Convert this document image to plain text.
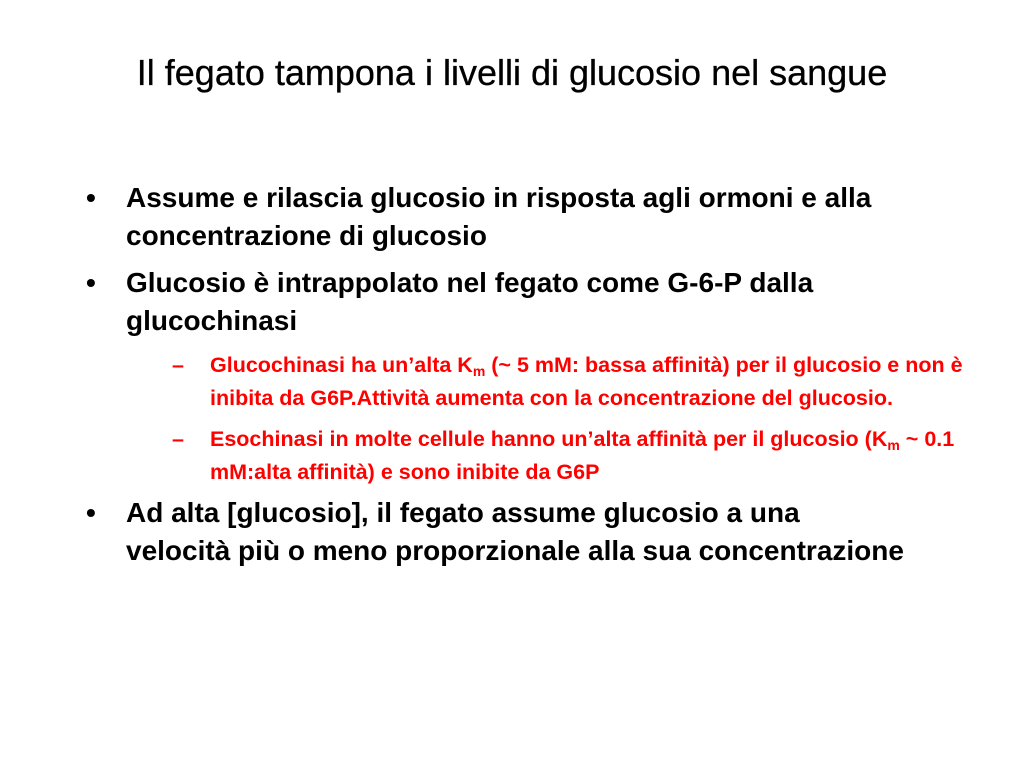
Il fegato tampona i livelli di glucosio nel sangue
•	Assume e rilascia glucosio in risposta agli ormoni e alla concentrazione di glucosio
•	Glucosio è intrappolato nel fegato come G-6-P dalla glucochinasi
– Glucochinasi ha un’alta $K_m$ (~ 5 mM: bassa affinità) per il glucosio e non è inibita da G6P.Attività aumenta con la concentrazione del glucosio.
– Esochinasi in molte cellule hanno un’alta affinità per il glucosio ($K_m$ ~ 0.1 mM:alta affinità) e sono inibite da G6P
•	Ad alta [glucosio], il fegato assume glucosio a una velocità più o meno proporzionale alla sua concentrazione
